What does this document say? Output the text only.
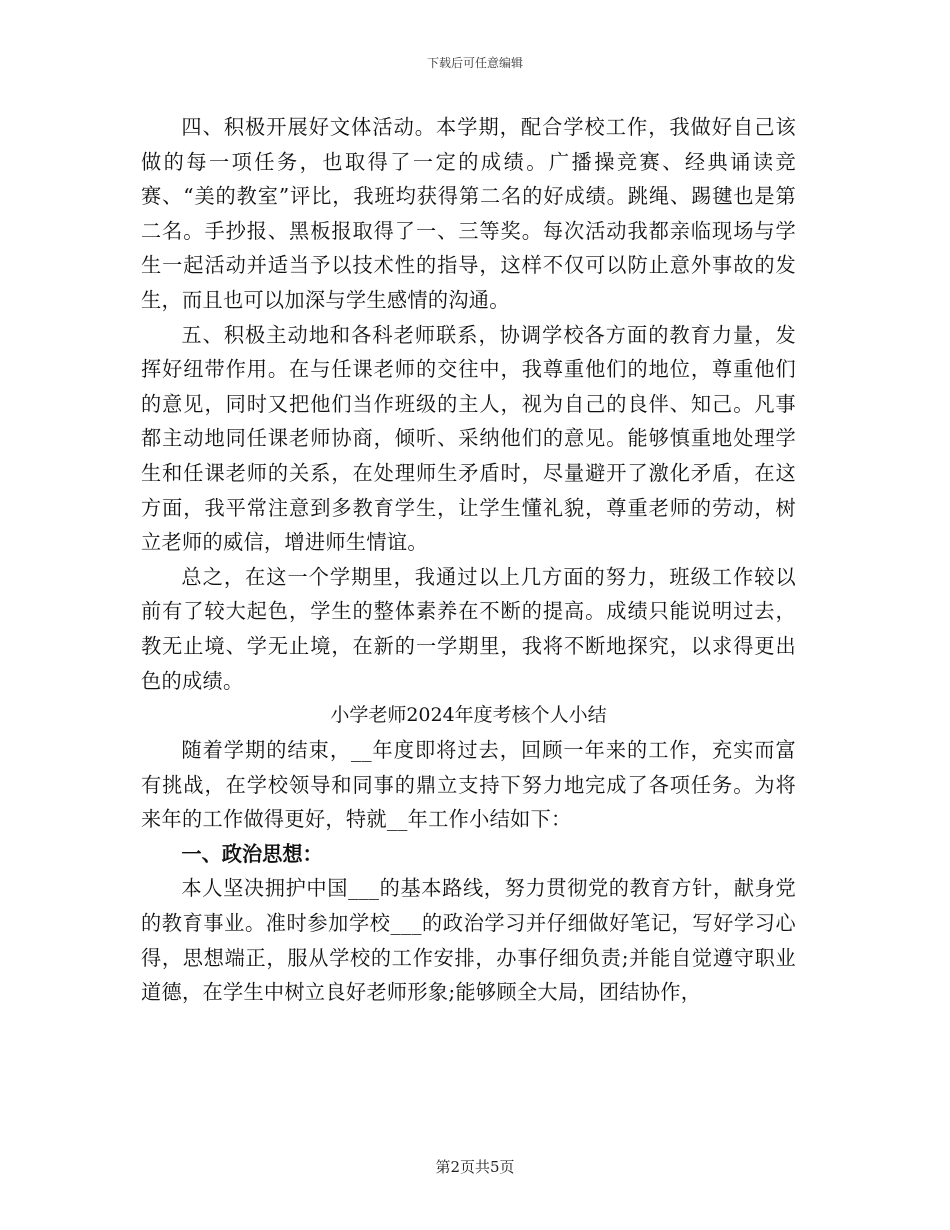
下载后可任意编辑

四、积极开展好文体活动。本学期，配合学校工作，我做好自己该做的每一项任务，也取得了一定的成绩。广播操竞赛、经典诵读竞赛、“美的教室”评比，我班均获得第二名的好成绩。跳绳、踢毽也是第二名。手抄报、黑板报取得了一、三等奖。每次活动我都亲临现场与学生一起活动并适当予以技术性的指导，这样不仅可以防止意外事故的发生，而且也可以加深与学生感情的沟通。

五、积极主动地和各科老师联系，协调学校各方面的教育力量，发挥好纽带作用。在与任课老师的交往中，我尊重他们的地位，尊重他们的意见，同时又把他们当作班级的主人，视为自己的良伴、知己。凡事都主动地同任课老师协商，倾听、采纳他们的意见。能够慎重地处理学生和任课老师的关系，在处理师生矛盾时，尽量避开了激化矛盾，在这方面，我平常注意到多教育学生，让学生懂礼貌，尊重老师的劳动，树立老师的威信，增进师生情谊。

总之，在这一个学期里，我通过以上几方面的努力，班级工作较以前有了较大起色，学生的整体素养在不断的提高。成绩只能说明过去，教无止境、学无止境，在新的一学期里，我将不断地探究，以求得更出色的成绩。

小学老师2024年度考核个人小结

随着学期的结束，__年度即将过去，回顾一年来的工作，充实而富有挑战，在学校领导和同事的鼎立支持下努力地完成了各项任务。为将来年的工作做得更好，特就__年工作小结如下：

一、政治思想：

本人坚决拥护中国___的基本路线，努力贯彻党的教育方针，献身党的教育事业。准时参加学校___的政治学习并仔细做好笔记，写好学习心得，思想端正，服从学校的工作安排，办事仔细负责;并能自觉遵守职业道德，在学生中树立良好老师形象;能够顾全大局，团结协作，

第2页共5页
